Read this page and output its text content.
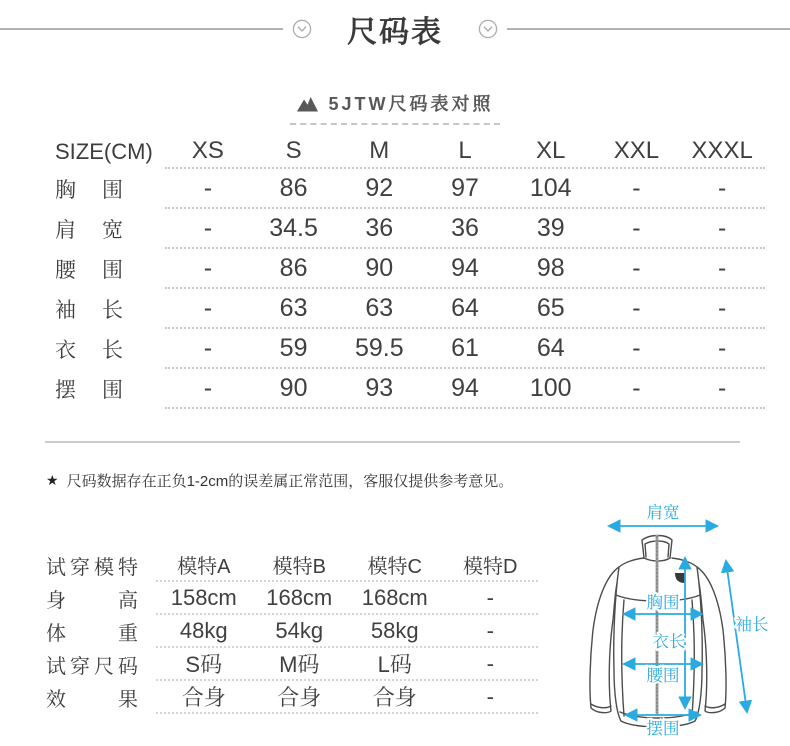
尺码表
5JTW尺码表对照
SIZE(CM)	XS	S	M	L	XL	XXL	XXXL
胸 围	-	86	92	97	104	-	-
肩 宽	-	34.5	36	36	39	-	-
腰 围	-	86	90	94	98	-	-
袖 长	-	63	63	64	65	-	-
衣 长	-	59	59.5	61	64	-	-
摆 围	-	90	93	94	100	-	-
★ 尺码数据存在正负1-2cm的误差属正常范围，客服仅提供参考意见。
试 穿 模 特	模特A	模特B	模特C	模特D
身	高	158cm	168cm	168cm	-
体	重	48kg	54kg	58kg	-
试 穿 尺 码	S码	M码	L码	-
效	果	合身	合身	合身	-
肩宽
袖长
胸围
衣长
腰围
摆围
